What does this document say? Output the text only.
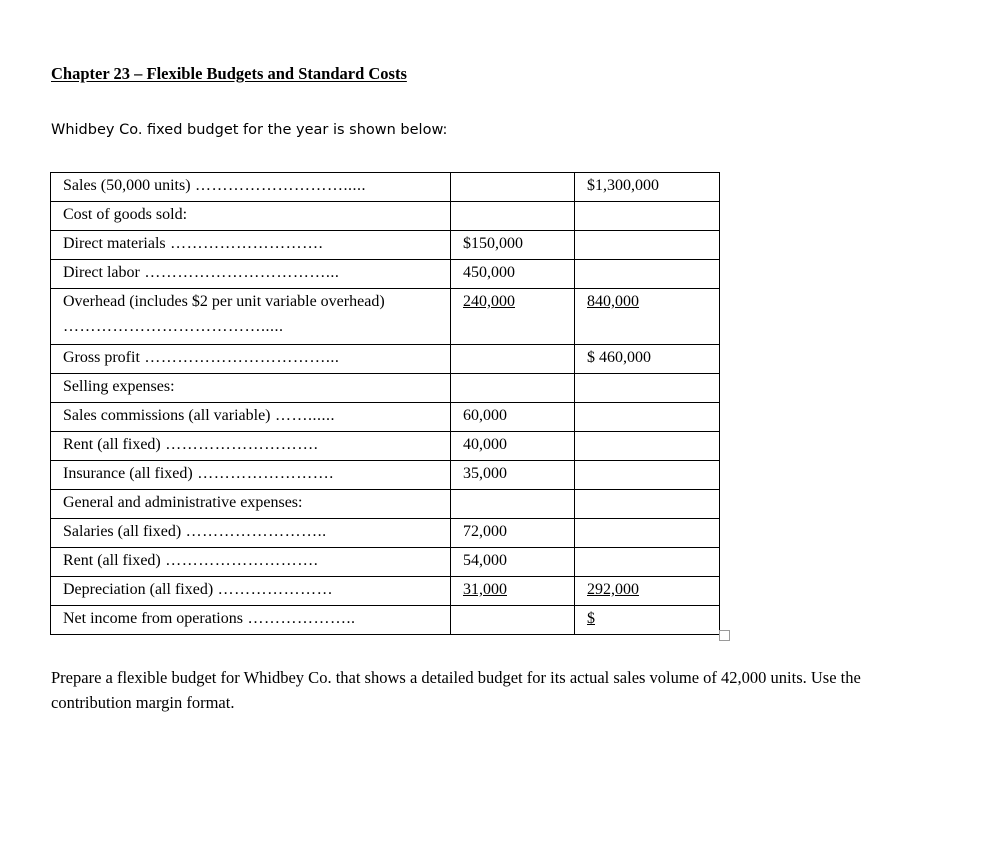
Chapter 23 – Flexible Budgets and Standard Costs
Whidbey Co. fixed budget for the year is shown below:
Sales (50,000 units) ……………………….....		$1,300,000
Cost of goods sold:		
Direct materials ……………………….	$150,000	
Direct labor ……………………………...	450,000	
Overhead (includes $2 per unit variable overhead) ……………………………….....	240,000	840,000
Gross profit ……………………………...		$ 460,000
Selling expenses:		
Sales commissions (all variable) ……......	60,000	
Rent (all fixed) ……………………….	40,000	
Insurance (all fixed) …………………….	35,000	
General and administrative expenses:		
Salaries (all fixed) ……………………..	72,000	
Rent (all fixed) ……………………….	54,000	
Depreciation (all fixed) …………………	31,000	292,000
Net income from operations ………………..		$
Prepare a flexible budget for Whidbey Co. that shows a detailed budget for its actual sales volume of 42,000 units. Use the contribution margin format.
